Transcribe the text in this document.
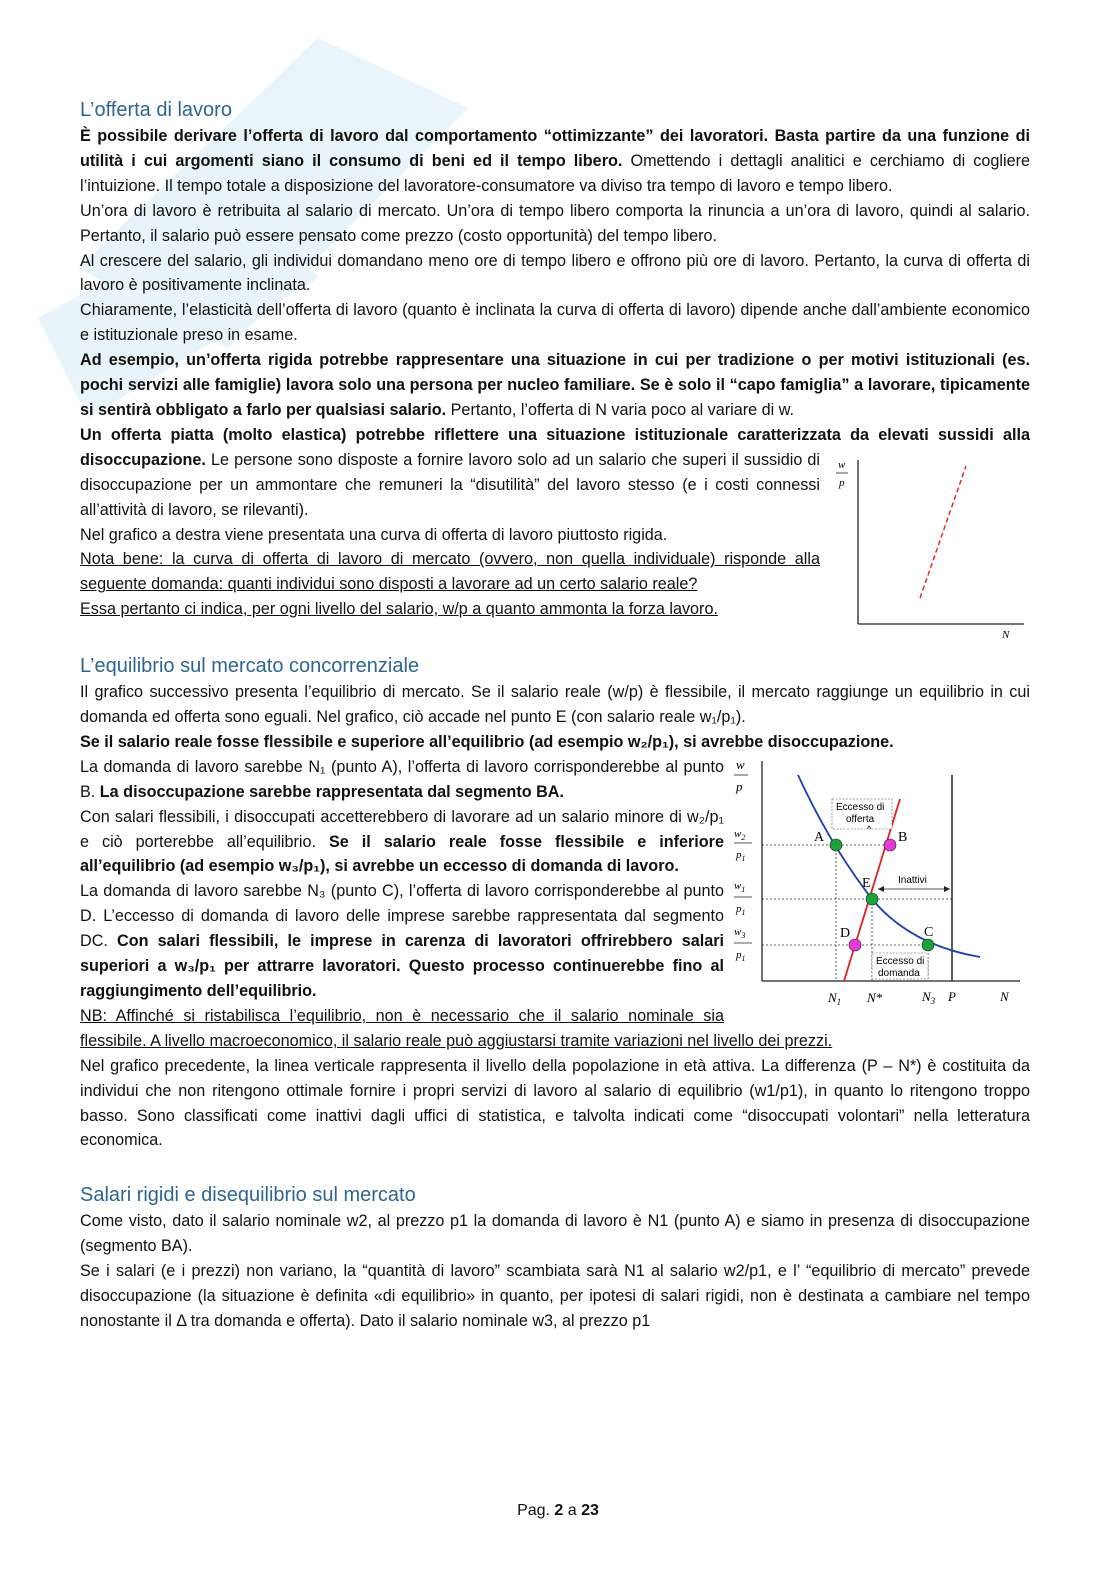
L’offerta di lavoro

È possibile derivare l’offerta di lavoro dal comportamento “ottimizzante” dei lavoratori. Basta partire da una funzione di utilità i cui argomenti siano il consumo di beni ed il tempo libero. Omettendo i dettagli analitici e cerchiamo di cogliere l’intuizione. Il tempo totale a disposizione del lavoratore-consumatore va diviso tra tempo di lavoro e tempo libero.

Un’ora di lavoro è retribuita al salario di mercato. Un’ora di tempo libero comporta la rinuncia a un’ora di lavoro, quindi al salario. Pertanto, il salario può essere pensato come prezzo (costo opportunità) del tempo libero.

Al crescere del salario, gli individui domandano meno ore di tempo libero e offrono più ore di lavoro. Pertanto, la curva di offerta di lavoro è positivamente inclinata.

Chiaramente, l’elasticità dell’offerta di lavoro (quanto è inclinata la curva di offerta di lavoro) dipende anche dall’ambiente economico e istituzionale preso in esame.

Ad esempio, un’offerta rigida potrebbe rappresentare una situazione in cui per tradizione o per motivi istituzionali (es. pochi servizi alle famiglie) lavora solo una persona per nucleo familiare. Se è solo il “capo famiglia” a lavorare, tipicamente si sentirà obbligato a farlo per qualsiasi salario. Pertanto, l’offerta di N varia poco al variare di w.

Un offerta piatta (molto elastica) potrebbe riflettere una situazione istituzionale caratterizzata da elevati sussidi alla disoccupazione.	w
p
N
Le persone sono disposte a fornire lavoro solo ad un salario che superi il sussidio di disoccupazione per un ammontare che remuneri la “disutilità” del lavoro stesso (e i costi connessi all’attività di lavoro, se rilevanti).

Nel grafico a destra viene presentata una curva di offerta di lavoro piuttosto rigida.

Nota bene: la curva di offerta di lavoro di mercato (ovvero, non quella individuale) risponde alla seguente domanda: quanti individui sono disposti a lavorare ad un certo salario reale?

Essa pertanto ci indica, per ogni livello del salario, w/p a quanto ammonta la forza lavoro.

L’equilibrio sul mercato concorrenziale

Il grafico successivo presenta l’equilibrio di mercato. Se il salario reale (w/p) è flessibile, il mercato raggiunge un equilibrio in cui domanda ed offerta sono eguali. Nel grafico, ciò accade nel punto E (con salario reale w₁/p₁).

Se il salario reale fosse flessibile e superiore all’equilibrio (ad esempio w₂/p₁), si avrebbe disoccupazione.

w
p
$w_2$
$p_1$
$w_1$
$p_1$
$w_3$
$p_1$
Eccesso di
offerta
^
Eccesso di
domanda
Inattivi
A	B
E
D	C
$N_1$ N*	$N_3$ P	N

La domanda di lavoro sarebbe N₁ (punto A), l’offerta di lavoro corrisponderebbe al punto B. La disoccupazione sarebbe rappresentata dal segmento BA.

Con salari flessibili, i disoccupati accetterebbero di lavorare ad un salario minore di w₂/p₁ e ciò porterebbe all’equilibrio. Se il salario reale fosse flessibile e inferiore all’equilibrio (ad esempio w₃/p₁), si avrebbe un eccesso di domanda di lavoro.

La domanda di lavoro sarebbe N₃ (punto C), l’offerta di lavoro corrisponderebbe al punto D. L’eccesso di domanda di lavoro delle imprese sarebbe rappresentata dal segmento DC. Con salari flessibili, le imprese in carenza di lavoratori offrirebbero salari superiori a w₃/p₁ per attrarre lavoratori. Questo processo continuerebbe fino al raggiungimento dell’equilibrio.

NB: Affinché si ristabilisca l’equilibrio, non è necessario che il salario nominale sia flessibile. A livello macroeconomico, il salario reale può aggiustarsi tramite variazioni nel livello dei prezzi.

Nel grafico precedente, la linea verticale rappresenta il livello della popolazione in età attiva. La differenza (P – N*) è costituita da individui che non ritengono ottimale fornire i propri servizi di lavoro al salario di equilibrio (w1/p1), in quanto lo ritengono troppo basso. Sono classificati come inattivi dagli uffici di statistica, e talvolta indicati come “disoccupati volontari” nella letteratura economica.

Salari rigidi e disequilibrio sul mercato

Come visto, dato il salario nominale w2, al prezzo p1 la domanda di lavoro è N1 (punto A) e siamo in presenza di disoccupazione (segmento BA).

Se i salari (e i prezzi) non variano, la “quantità di lavoro” scambiata sarà N1 al salario w2/p1, e l’ “equilibrio di mercato” prevede disoccupazione (la situazione è definita «di equilibrio» in quanto, per ipotesi di salari rigidi, non è destinata a cambiare nel tempo nonostante il Δ tra domanda e offerta). Dato il salario nominale w3, al prezzo p1

Pag. 2 a 23
